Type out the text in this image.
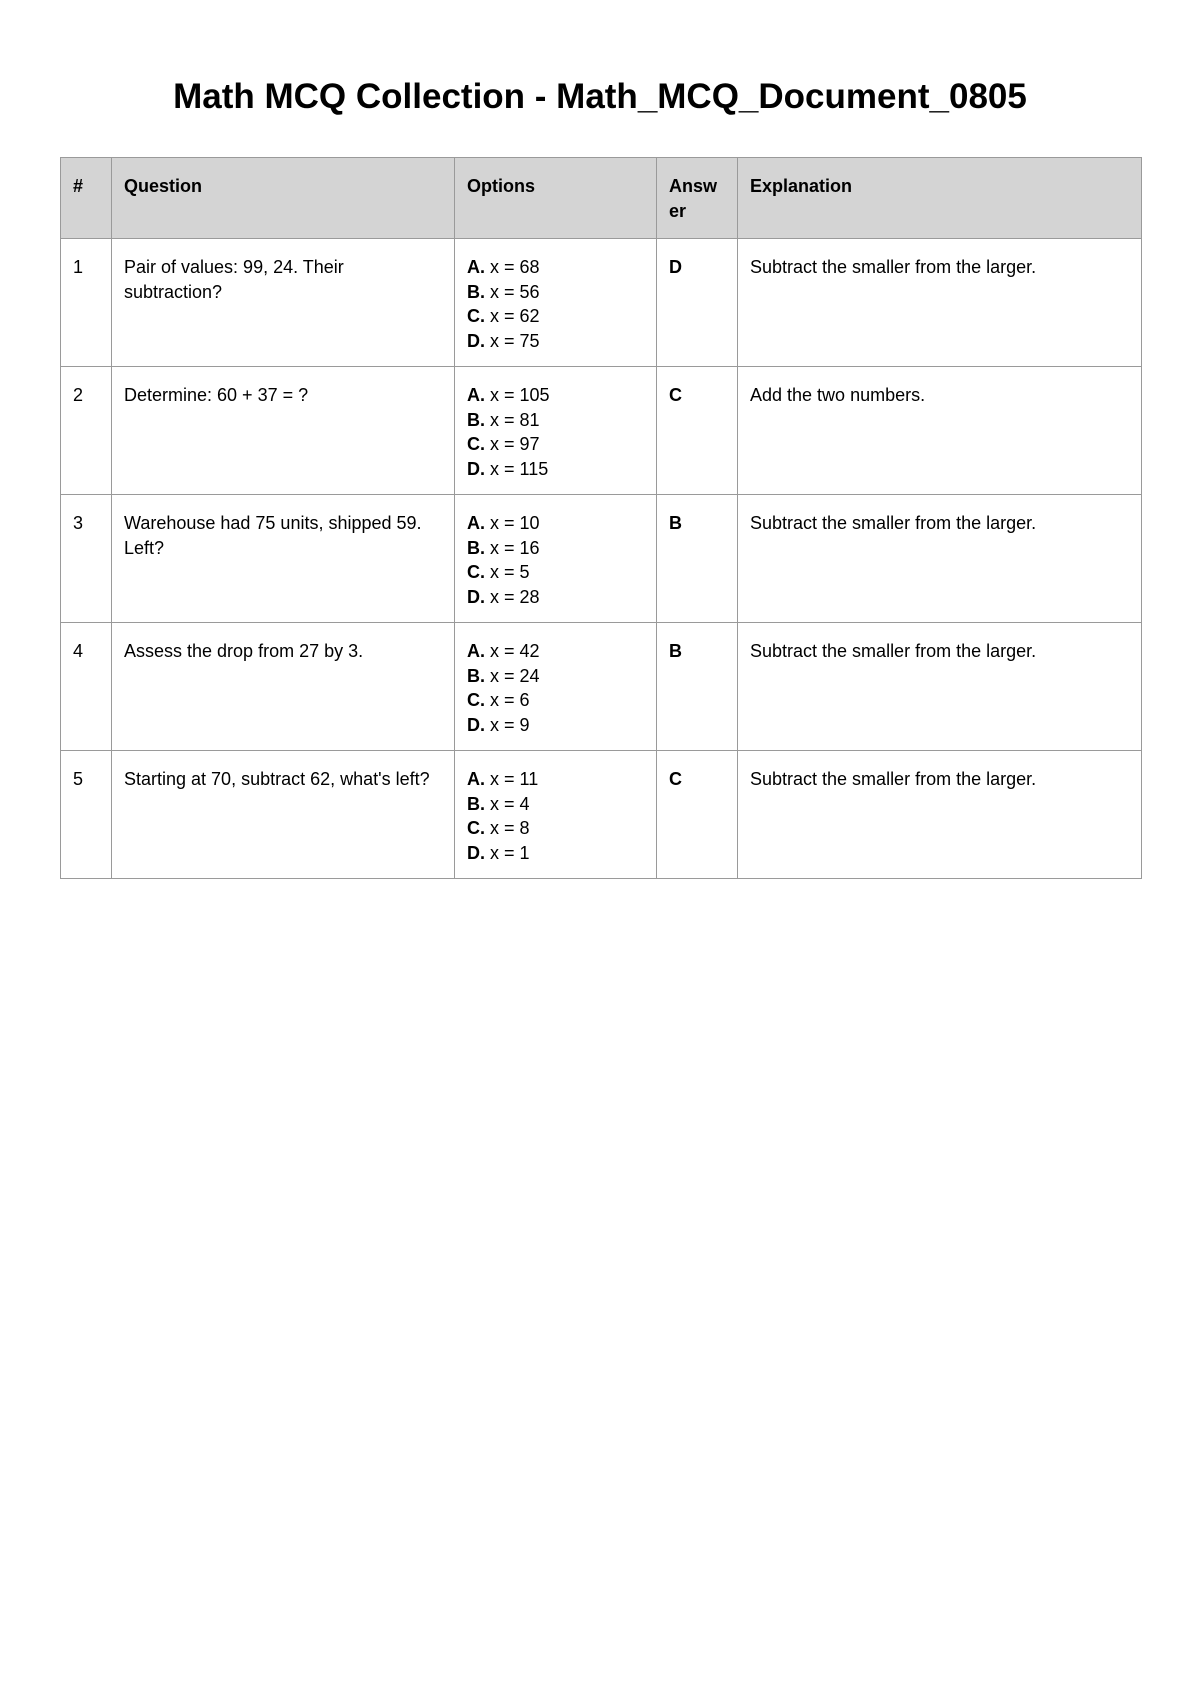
Math MCQ Collection - Math_MCQ_Document_0805
#	Question	Options	Answer	Explanation
1	Pair of values: 99, 24. Their subtraction?	A. x = 68
B. x = 56
C. x = 62
D. x = 75	D	Subtract the smaller from the larger.
2	Determine: 60 + 37 = ?	A. x = 105
B. x = 81
C. x = 97
D. x = 115	C	Add the two numbers.
3	Warehouse had 75 units, shipped 59. Left?	A. x = 10
B. x = 16
C. x = 5
D. x = 28	B	Subtract the smaller from the larger.
4	Assess the drop from 27 by 3.	A. x = 42
B. x = 24
C. x = 6
D. x = 9	B	Subtract the smaller from the larger.
5	Starting at 70, subtract 62, what's left?	A. x = 11
B. x = 4
C. x = 8
D. x = 1	C	Subtract the smaller from the larger.
